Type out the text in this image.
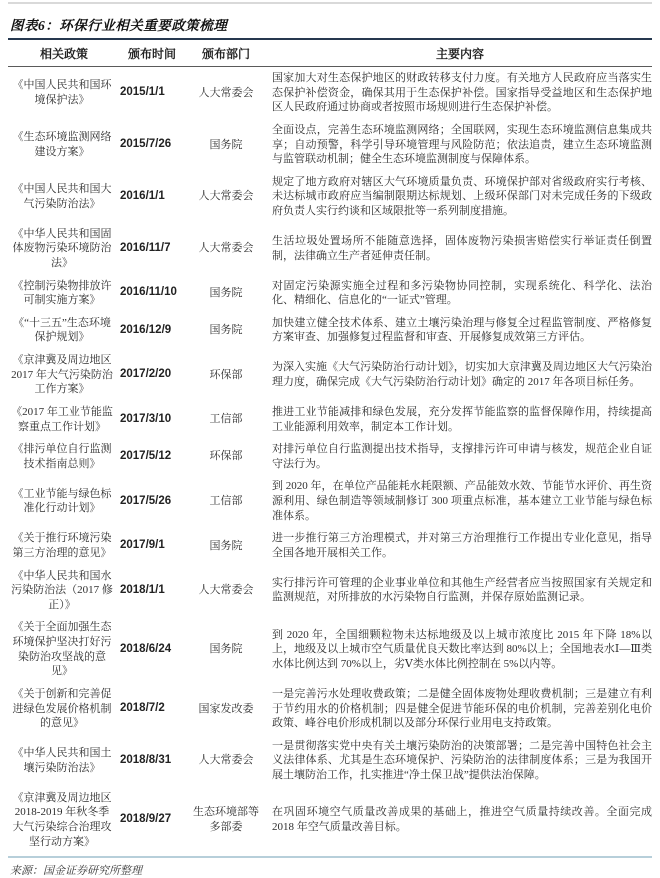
图表6：环保行业相关重要政策梳理
相关政策	颁布时间	颁布部门	主要内容
《中国人民共和国环境保护法》	2015/1/1	人大常委会	国家加大对生态保护地区的财政转移支付力度。有关地方人民政府应当落实生态保护补偿资金，确保其用于生态保护补偿。国家指导受益地区和生态保护地区人民政府通过协商或者按照市场规则进行生态保护补偿。
《生态环境监测网络建设方案》	2015/7/26	国务院	全面设点，完善生态环境监测网络；全国联网，实现生态环境监测信息集成共享；自动预警，科学引导环境管理与风险防范；依法追责，建立生态环境监测与监管联动机制；健全生态环境监测制度与保障体系。
《中国人民共和国大气污染防治法》	2016/1/1	人大常委会	规定了地方政府对辖区大气环境质量负责、环境保护部对省级政府实行考核、未达标城市政府应当编制限期达标规划、上级环保部门对未完成任务的下级政府负责人实行约谈和区域限批等一系列制度措施。
《中华人民共和国固体废物污染环境防治法》	2016/11/7	人大常委会	生活垃圾处置场所不能随意选择，固体废物污染损害赔偿实行举证责任倒置制，法律确立生产者延伸责任制。
《控制污染物排放许可制实施方案》	2016/11/10	国务院	对固定污染源实施全过程和多污染物协同控制，实现系统化、科学化、法治化、精细化、信息化的“一证式”管理。
《“十三五”生态环境保护规划》	2016/12/9	国务院	加快建立健全技术体系、建立土壤污染治理与修复全过程监管制度、严格修复方案审查、加强修复过程监督和审查、开展修复成效第三方评估。
《京津冀及周边地区 2017 年大气污染防治工作方案》	2017/2/20	环保部	为深入实施《大气污染防治行动计划》，切实加大京津冀及周边地区大气污染治理力度，确保完成《大气污染防治行动计划》确定的 2017 年各项目标任务。
《2017 年工业节能监察重点工作计划》	2017/3/10	工信部	推进工业节能减排和绿色发展，充分发挥节能监察的监督保障作用，持续提高工业能源利用效率，制定本工作计划。
《排污单位自行监测技术指南总则》	2017/5/12	环保部	对排污单位自行监测提出技术指导，支撑排污许可申请与核发，规范企业自证守法行为。
《工业节能与绿色标准化行动计划》	2017/5/26	工信部	到 2020 年，在单位产品能耗水耗限额、产品能效水效、节能节水评价、再生资源利用、绿色制造等领域制修订 300 项重点标准，基本建立工业节能与绿色标准体系。
《关于推行环境污染第三方治理的意见》	2017/9/1	国务院	进一步推行第三方治理模式，并对第三方治理推行工作提出专业化意见，指导全国各地开展相关工作。
《中华人民共和国水污染防治法（2017 修正）》	2018/1/1	人大常委会	实行排污许可管理的企业事业单位和其他生产经营者应当按照国家有关规定和监测规范，对所排放的水污染物自行监测，并保存原始监测记录。
《关于全面加强生态环境保护坚决打好污染防治攻坚战的意见》	2018/6/24	国务院	到 2020 年，全国细颗粒物未达标地级及以上城市浓度比 2015 年下降 18%以上，地级及以上城市空气质量优良天数比率达到 80%以上；全国地表水Ⅰ—Ⅲ类水体比例达到 70%以上，劣Ⅴ类水体比例控制在 5%以内等。
《关于创新和完善促进绿色发展价格机制的意见》	2018/7/2	国家发改委	一是完善污水处理收费政策；二是健全固体废物处理收费机制；三是建立有利于节约用水的价格机制；四是健全促进节能环保的电价机制，完善差别化电价政策、峰谷电价形成机制以及部分环保行业用电支持政策。
《中华人民共和国土壤污染防治法》	2018/8/31	人大常委会	一是贯彻落实党中央有关土壤污染防治的决策部署；二是完善中国特色社会主义法律体系、尤其是生态环境保护、污染防治的法律制度体系；三是为我国开展土壤防治工作，扎实推进“净土保卫战”提供法治保障。
《京津冀及周边地区 2018-2019 年秋冬季大气污染综合治理攻坚行动方案》	2018/9/27	生态环境部等多部委	在巩固环境空气质量改善成果的基础上，推进空气质量持续改善。全面完成 2018 年空气质量改善目标。
来源：国金证券研究所整理
